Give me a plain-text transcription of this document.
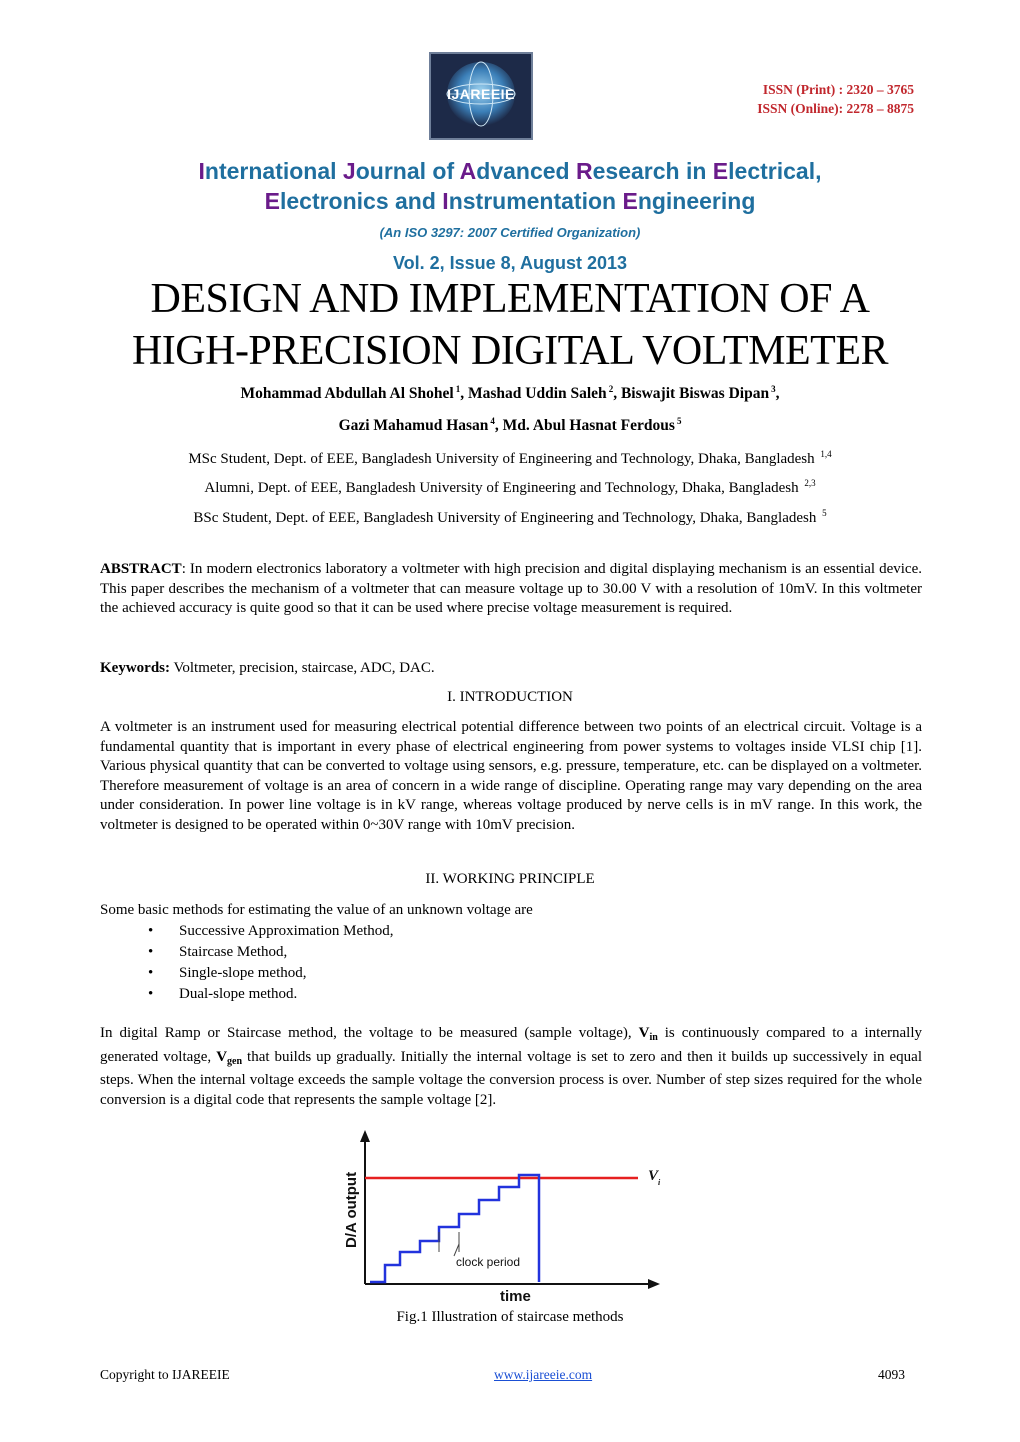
IJAREEIE	ISSN (Print) : 2320 – 3765
ISSN (Online): 2278 – 8875
International Journal of Advanced Research in Electrical,
Electronics and Instrumentation Engineering
(An ISO 3297: 2007 Certified Organization)
Vol. 2, Issue 8, August 2013
DESIGN AND IMPLEMENTATION OF A
HIGH-PRECISION DIGITAL VOLTMETER
Mohammad Abdullah Al Shohel $^1$, Mashad Uddin Saleh $^2$, Biswajit Biswas Dipan $^3$,
Gazi Mahamud Hasan $^4$, Md. Abul Hasnat Ferdous $^5$
MSc Student, Dept. of EEE, Bangladesh University of Engineering and Technology, Dhaka, Bangladesh $^{1,4}$
Alumni, Dept. of EEE, Bangladesh University of Engineering and Technology, Dhaka, Bangladesh $^{2,3}$
BSc Student, Dept. of EEE, Bangladesh University of Engineering and Technology, Dhaka, Bangladesh $^5$
ABSTRACT: In modern electronics laboratory a voltmeter with high precision and digital displaying mechanism is an essential device. This paper describes the mechanism of a voltmeter that can measure voltage up to 30.00 V with a resolution of 10mV. In this voltmeter the achieved accuracy is quite good so that it can be used where precise voltage measurement is required.
Keywords: Voltmeter, precision, staircase, ADC, DAC.
I. INTRODUCTION
A voltmeter is an instrument used for measuring electrical potential difference between two points of an electrical circuit. Voltage is a fundamental quantity that is important in every phase of electrical engineering from power systems to voltages inside VLSI chip [1]. Various physical quantity that can be converted to voltage using sensors, e.g. pressure, temperature, etc. can be displayed on a voltmeter. Therefore measurement of voltage is an area of concern in a wide range of discipline. Operating range may vary depending on the area under consideration. In power line voltage is in kV range, whereas voltage produced by nerve cells is in mV range. In this work, the voltmeter is designed to be operated within 0~30V range with 10mV precision.
II. WORKING PRINCIPLE
Some basic methods for estimating the value of an unknown voltage are
• Successive Approximation Method,
• Staircase Method,
• Single-slope method,
• Dual-slope method.
In digital Ramp or Staircase method, the voltage to be measured (sample voltage), $V_{in}$ is continuously compared to a internally generated voltage, $V_{gen}$ that builds up gradually. Initially the internal voltage is set to zero and then it builds up successively in equal steps. When the internal voltage exceeds the sample voltage the conversion process is over. Number of step sizes required for the whole conversion is a digital code that represents the sample voltage [2].
clock period
D/A output
time
$V_i$
Fig.1 Illustration of staircase methods
Copyright to IJAREEIE	www.ijareeie.com	4093
